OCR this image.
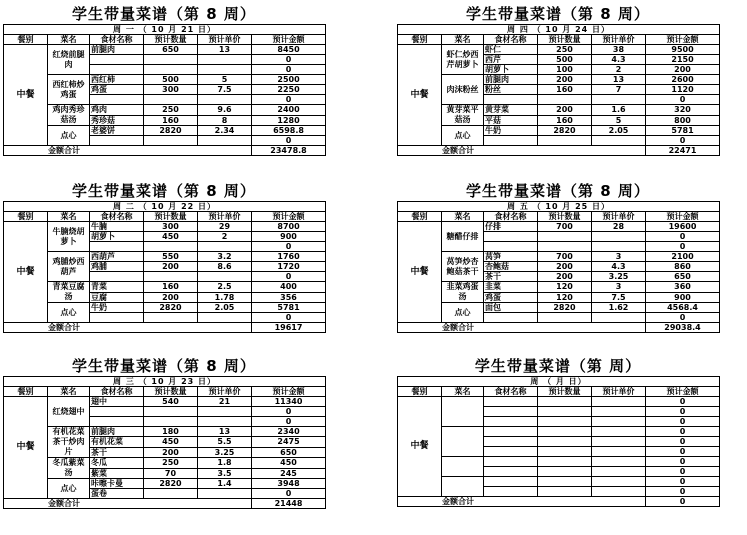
学生带量菜谱（第 8 周）
周 一 （ 10 月 21 日）					
餐别	菜名	食材名称	预计数量	预计单价	预计金额
中餐	红烧前腿肉	前腿肉	650	13	8450
					0
					0
	西红柿炒鸡蛋	西红柿	500	5	2500
		鸡蛋	300	7.5	2250
					0
	鸡肉秀珍菇汤	鸡肉	250	9.6	2400
		秀珍菇	160	8	1280
	点心	老婆饼	2820	2.34	6598.8
					0
金额合计					23478.8
学生带量菜谱（第 8 周）
周 四 （ 10 月 24 日）					
餐别	菜名	食材名称	预计数量	预计单价	预计金额
中餐	虾仁炒西芹胡萝卜	虾仁	250	38	9500
		西芹	500	4.3	2150
		胡萝卜	100	2	200
	肉沫粉丝	前腿肉	200	13	2600
		粉丝	160	7	1120
					0
	黄芽菜平菇汤	黄芽菜	200	1.6	320
		平菇	160	5	800
	点心	牛奶	2820	2.05	5781
					0
金额合计					22471
学生带量菜谱（第 8 周）
周 二 （ 10 月 22 日）					
餐别	菜名	食材名称	预计数量	预计单价	预计金额
中餐	牛腩烧胡萝卜	牛腩	300	29	8700
		胡萝卜	450	2	900
					0
	鸡脯炒西葫芦	西葫芦	550	3.2	1760
		鸡脯	200	8.6	1720
					0
	青菜豆腐汤	青菜	160	2.5	400
		豆腐	200	1.78	356
	点心	牛奶	2820	2.05	5781
					0
金额合计					19617
学生带量菜谱（第 8 周）
周 五 （ 10 月 25 日）					
餐别	菜名	食材名称	预计数量	预计单价	预计金额
中餐	糖醋仔排	仔排	700	28	19600
					0
					0
	莴笋炒杏鲍菇茶干	莴笋	700	3	2100
		杏鲍菇	200	4.3	860
		茶干	200	3.25	650
	韭菜鸡蛋汤	韭菜	120	3	360
		鸡蛋	120	7.5	900
	点心	面包	2820	1.62	4568.4
					0
金额合计					29038.4
学生带量菜谱（第 8 周）
周 三 （ 10 月 23 日）					
餐别	菜名	食材名称	预计数量	预计单价	预计金额
中餐	红烧翅中	翅中	540	21	11340
					0
					0
	有机花菜茶干炒肉片	前腿肉	180	13	2340
		有机花菜	450	5.5	2475
		茶干	200	3.25	650
	冬瓜紫菜汤	冬瓜	250	1.8	450
		紫菜	70	3.5	245
	点心	咔嚓卡曼	2820	1.4	3948
		蛋卷			0
金额合计					21448
学生带量菜谱（第 周）
周 （ 月 日）					
餐别	菜名	食材名称	预计数量	预计单价	预计金额
中餐					0
					0
					0
					0
					0
					0
					0
					0
					0
					0
金额合计					0
